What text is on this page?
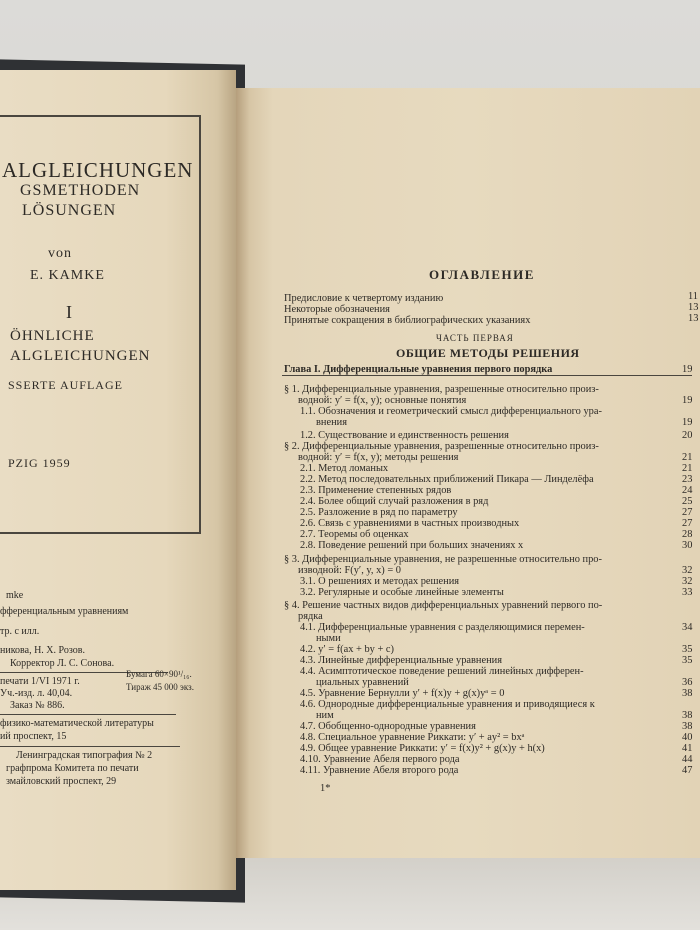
ALGLEICHUNGEN
GSMETHODEN
LÖSUNGEN
von
E. KAMKE
I
ÖHNLICHE
ALGLEICHUNGEN
SSERTE AUFLAGE
PZIG 1959
mke
фференциальным уравнениям
тр. с илл.
никова, Н. Х. Розов.
Корректор Л. С. Сонова.
печати 1/VI 1971 г.
Бумага 60×90¹/₁₆.
Уч.-изд. л. 40,04.
Тираж 45 000 экз.
Заказ № 886.
физико-математической литературы
ий проспект, 15
Ленинградская типография № 2
графпрома Комитета по печати
змайловский проспект, 29
ОГЛАВЛЕНИЕ
Предисловие к четвертому изданию	11
Некоторые обозначения	13
Принятые сокращения в библиографических указаниях	13
ЧАСТЬ ПЕРВАЯ
ОБЩИЕ МЕТОДЫ РЕШЕНИЯ
Глава I. Дифференциальные уравнения первого порядка	19
§ 1. Дифференциальные уравнения, разрешенные относительно произ-
водной: y′ = f(x, y); основные понятия	19
1.1. Обозначения и геометрический смысл дифференциального ура-
внения	19
1.2. Существование и единственность решения	20
§ 2. Дифференциальные уравнения, разрешенные относительно произ-
водной: y′ = f(x, y); методы решения	21
2.1. Метод ломаных	21
2.2. Метод последовательных приближений Пикара — Линделёфа	23
2.3. Применение степенных рядов	24
2.4. Более общий случай разложения в ряд	25
2.5. Разложение в ряд по параметру	27
2.6. Связь с уравнениями в частных производных	27
2.7. Теоремы об оценках	28
2.8. Поведение решений при больших значениях x	30
§ 3. Дифференциальные уравнения, не разрешенные относительно про-
изводной: F(y′, y, x) = 0	32
3.1. О решениях и методах решения	32
3.2. Регулярные и особые линейные элементы	33
§ 4. Решение частных видов дифференциальных уравнений первого по-
рядка
4.1. Дифференциальные уравнения с разделяющимися перемен-	34
ными
4.2. y′ = f(ax + by + c)	35
4.3. Линейные дифференциальные уравнения	35
4.4. Асимптотическое поведение решений линейных дифферен-
циальных уравнений	36
4.5. Уравнение Бернулли y′ + f(x)y + g(x)yᵃ = 0	38
4.6. Однородные дифференциальные уравнения и приводящиеся к
ним	38
4.7. Обобщенно-однородные уравнения	38
4.8. Специальное уравнение Риккати: y′ + ay² = bxᵃ	40
4.9. Общее уравнение Риккати: y′ = f(x)y² + g(x)y + h(x)	41
4.10. Уравнение Абеля первого рода	44
4.11. Уравнение Абеля второго рода	47
1*
